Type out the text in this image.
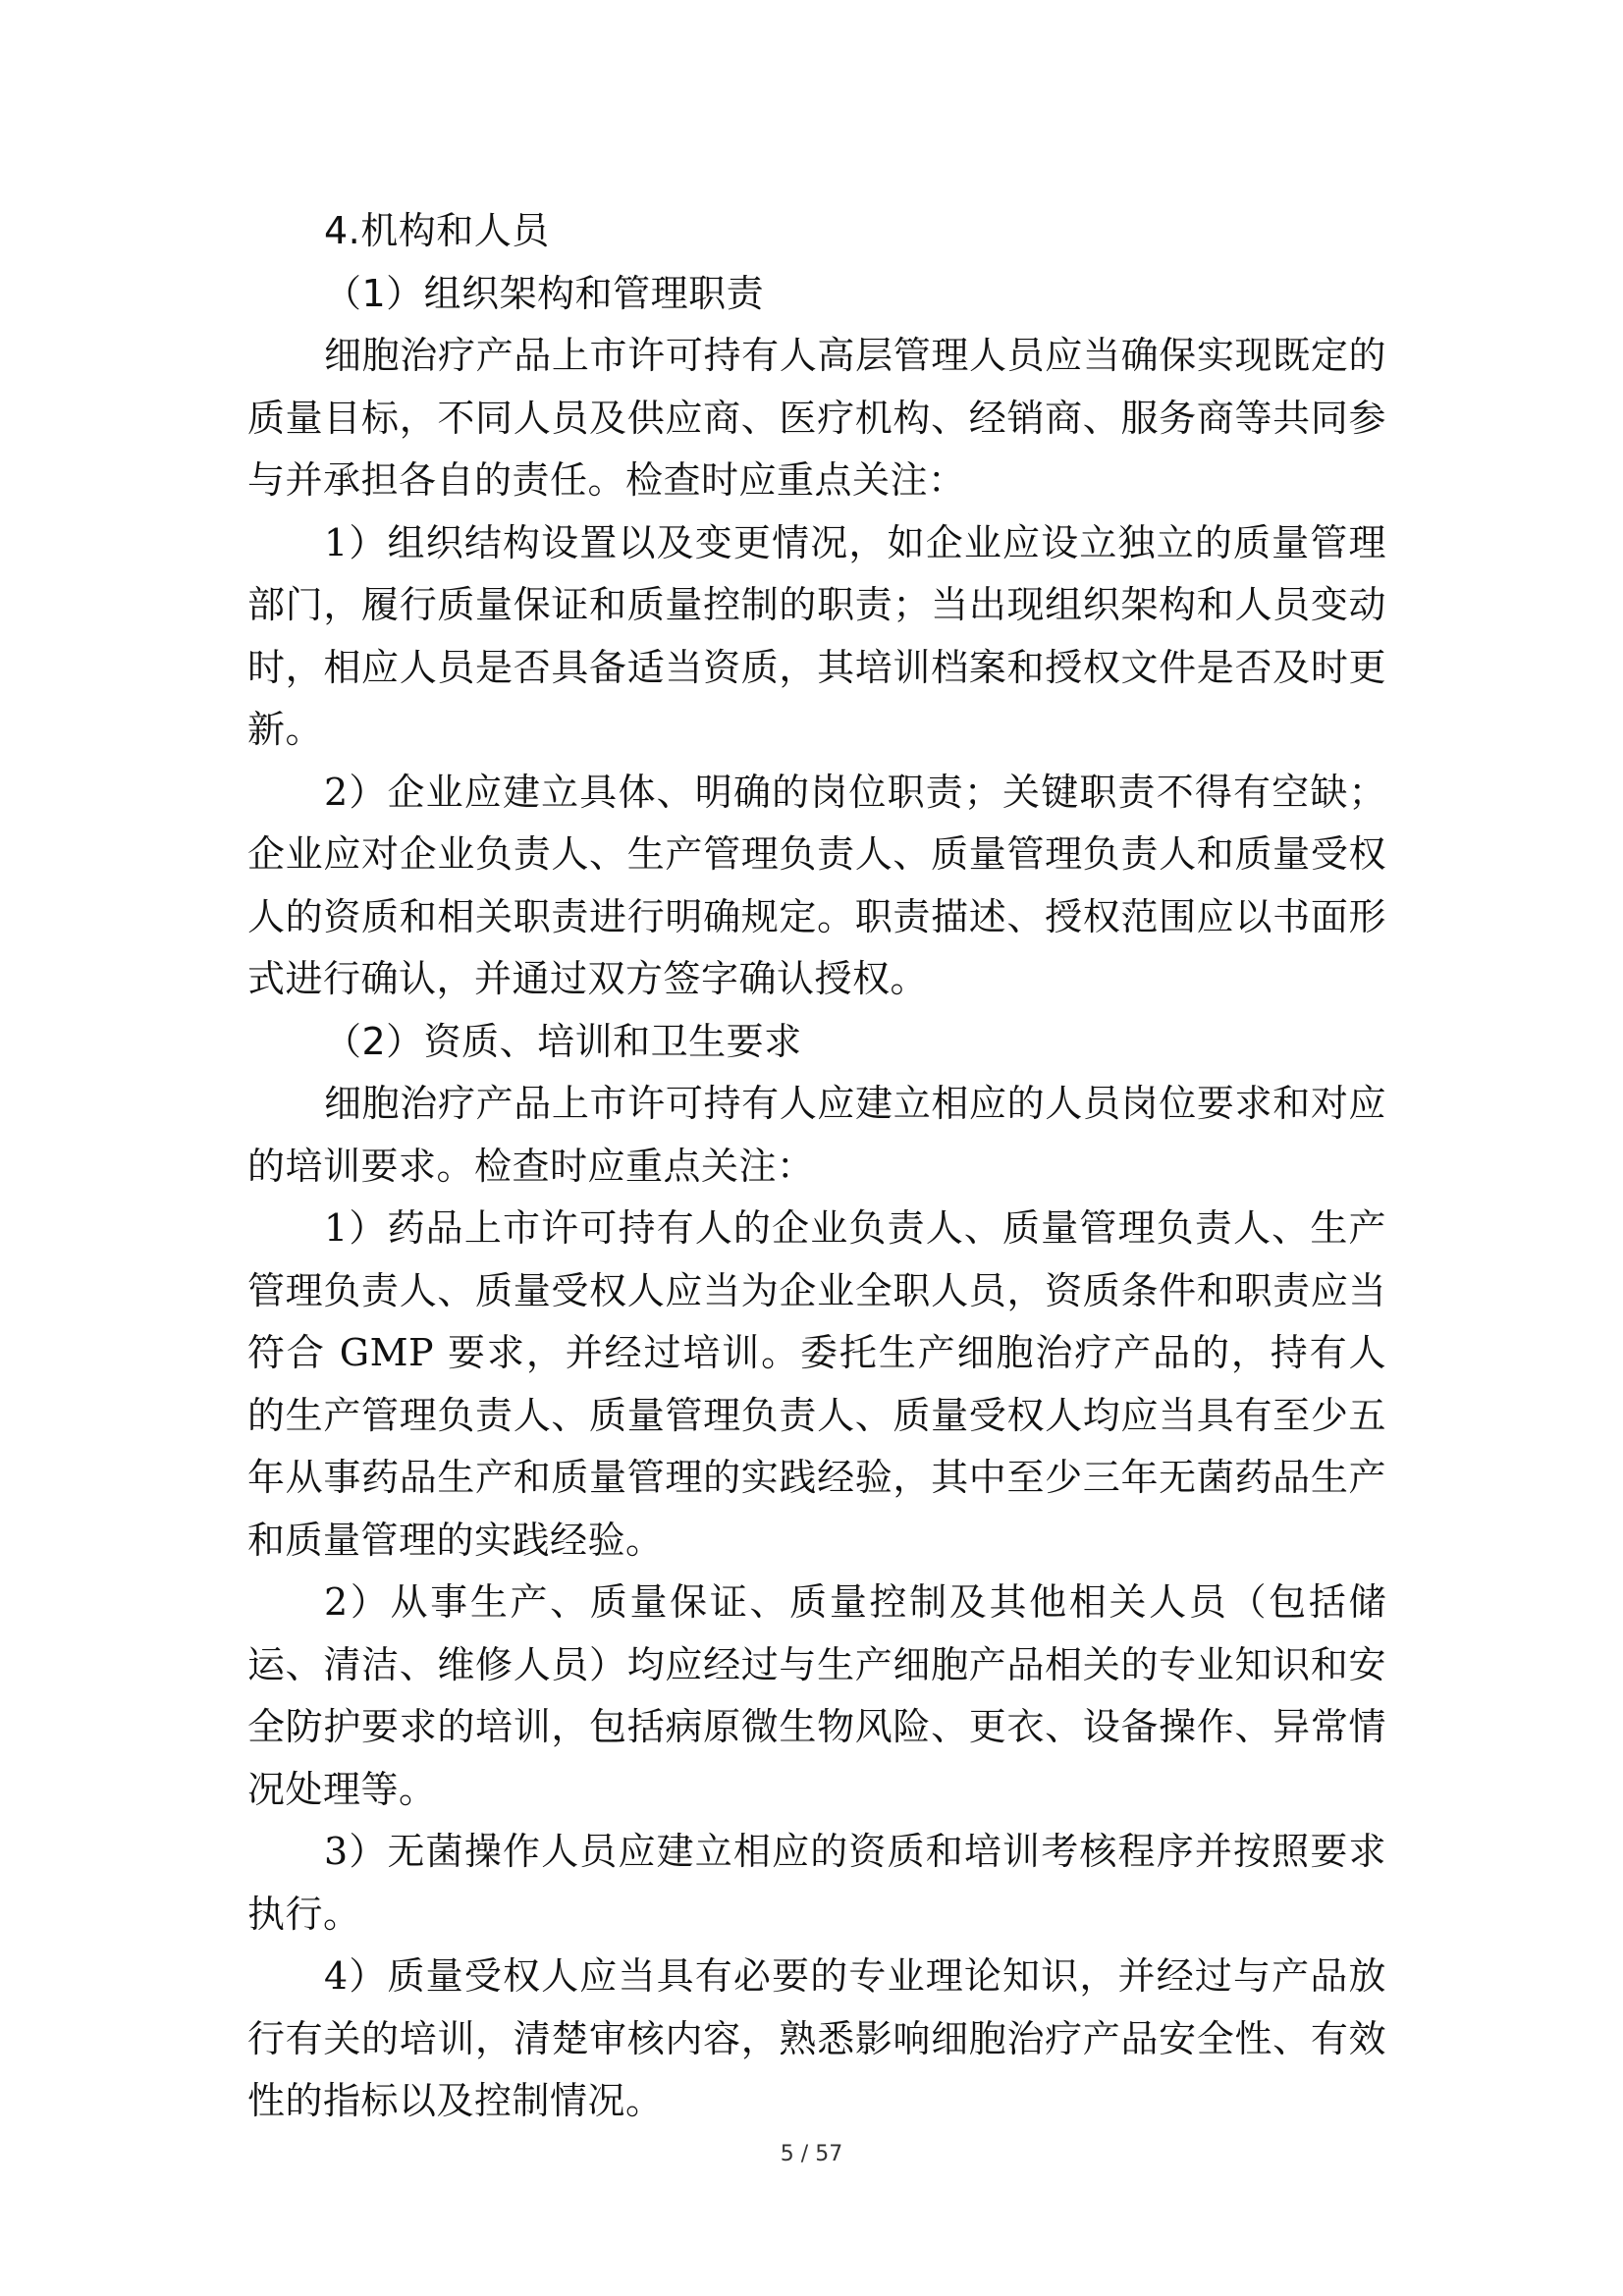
4.机构和人员

（1）组织架构和管理职责

细胞治疗产品上市许可持有人高层管理人员应当确保实现既定的质量目标，不同人员及供应商、医疗机构、经销商、服务商等共同参与并承担各自的责任。检查时应重点关注：

1）组织结构设置以及变更情况，如企业应设立独立的质量管理部门，履行质量保证和质量控制的职责；当出现组织架构和人员变动时，相应人员是否具备适当资质，其培训档案和授权文件是否及时更新。

2）企业应建立具体、明确的岗位职责；关键职责不得有空缺；企业应对企业负责人、生产管理负责人、质量管理负责人和质量受权人的资质和相关职责进行明确规定。职责描述、授权范围应以书面形式进行确认，并通过双方签字确认授权。

（2）资质、培训和卫生要求

细胞治疗产品上市许可持有人应建立相应的人员岗位要求和对应的培训要求。检查时应重点关注：

1）药品上市许可持有人的企业负责人、质量管理负责人、生产管理负责人、质量受权人应当为企业全职人员，资质条件和职责应当符合 GMP 要求，并经过培训。委托生产细胞治疗产品的，持有人的生产管理负责人、质量管理负责人、质量受权人均应当具有至少五年从事药品生产和质量管理的实践经验，其中至少三年无菌药品生产和质量管理的实践经验。

2）从事生产、质量保证、质量控制及其他相关人员（包括储运、清洁、维修人员）均应经过与生产细胞产品相关的专业知识和安全防护要求的培训，包括病原微生物风险、更衣、设备操作、异常情况处理等。

3）无菌操作人员应建立相应的资质和培训考核程序并按照要求执行。

4）质量受权人应当具有必要的专业理论知识，并经过与产品放行有关的培训，清楚审核内容，熟悉影响细胞治疗产品安全性、有效性的指标以及控制情况。

5 / 57
